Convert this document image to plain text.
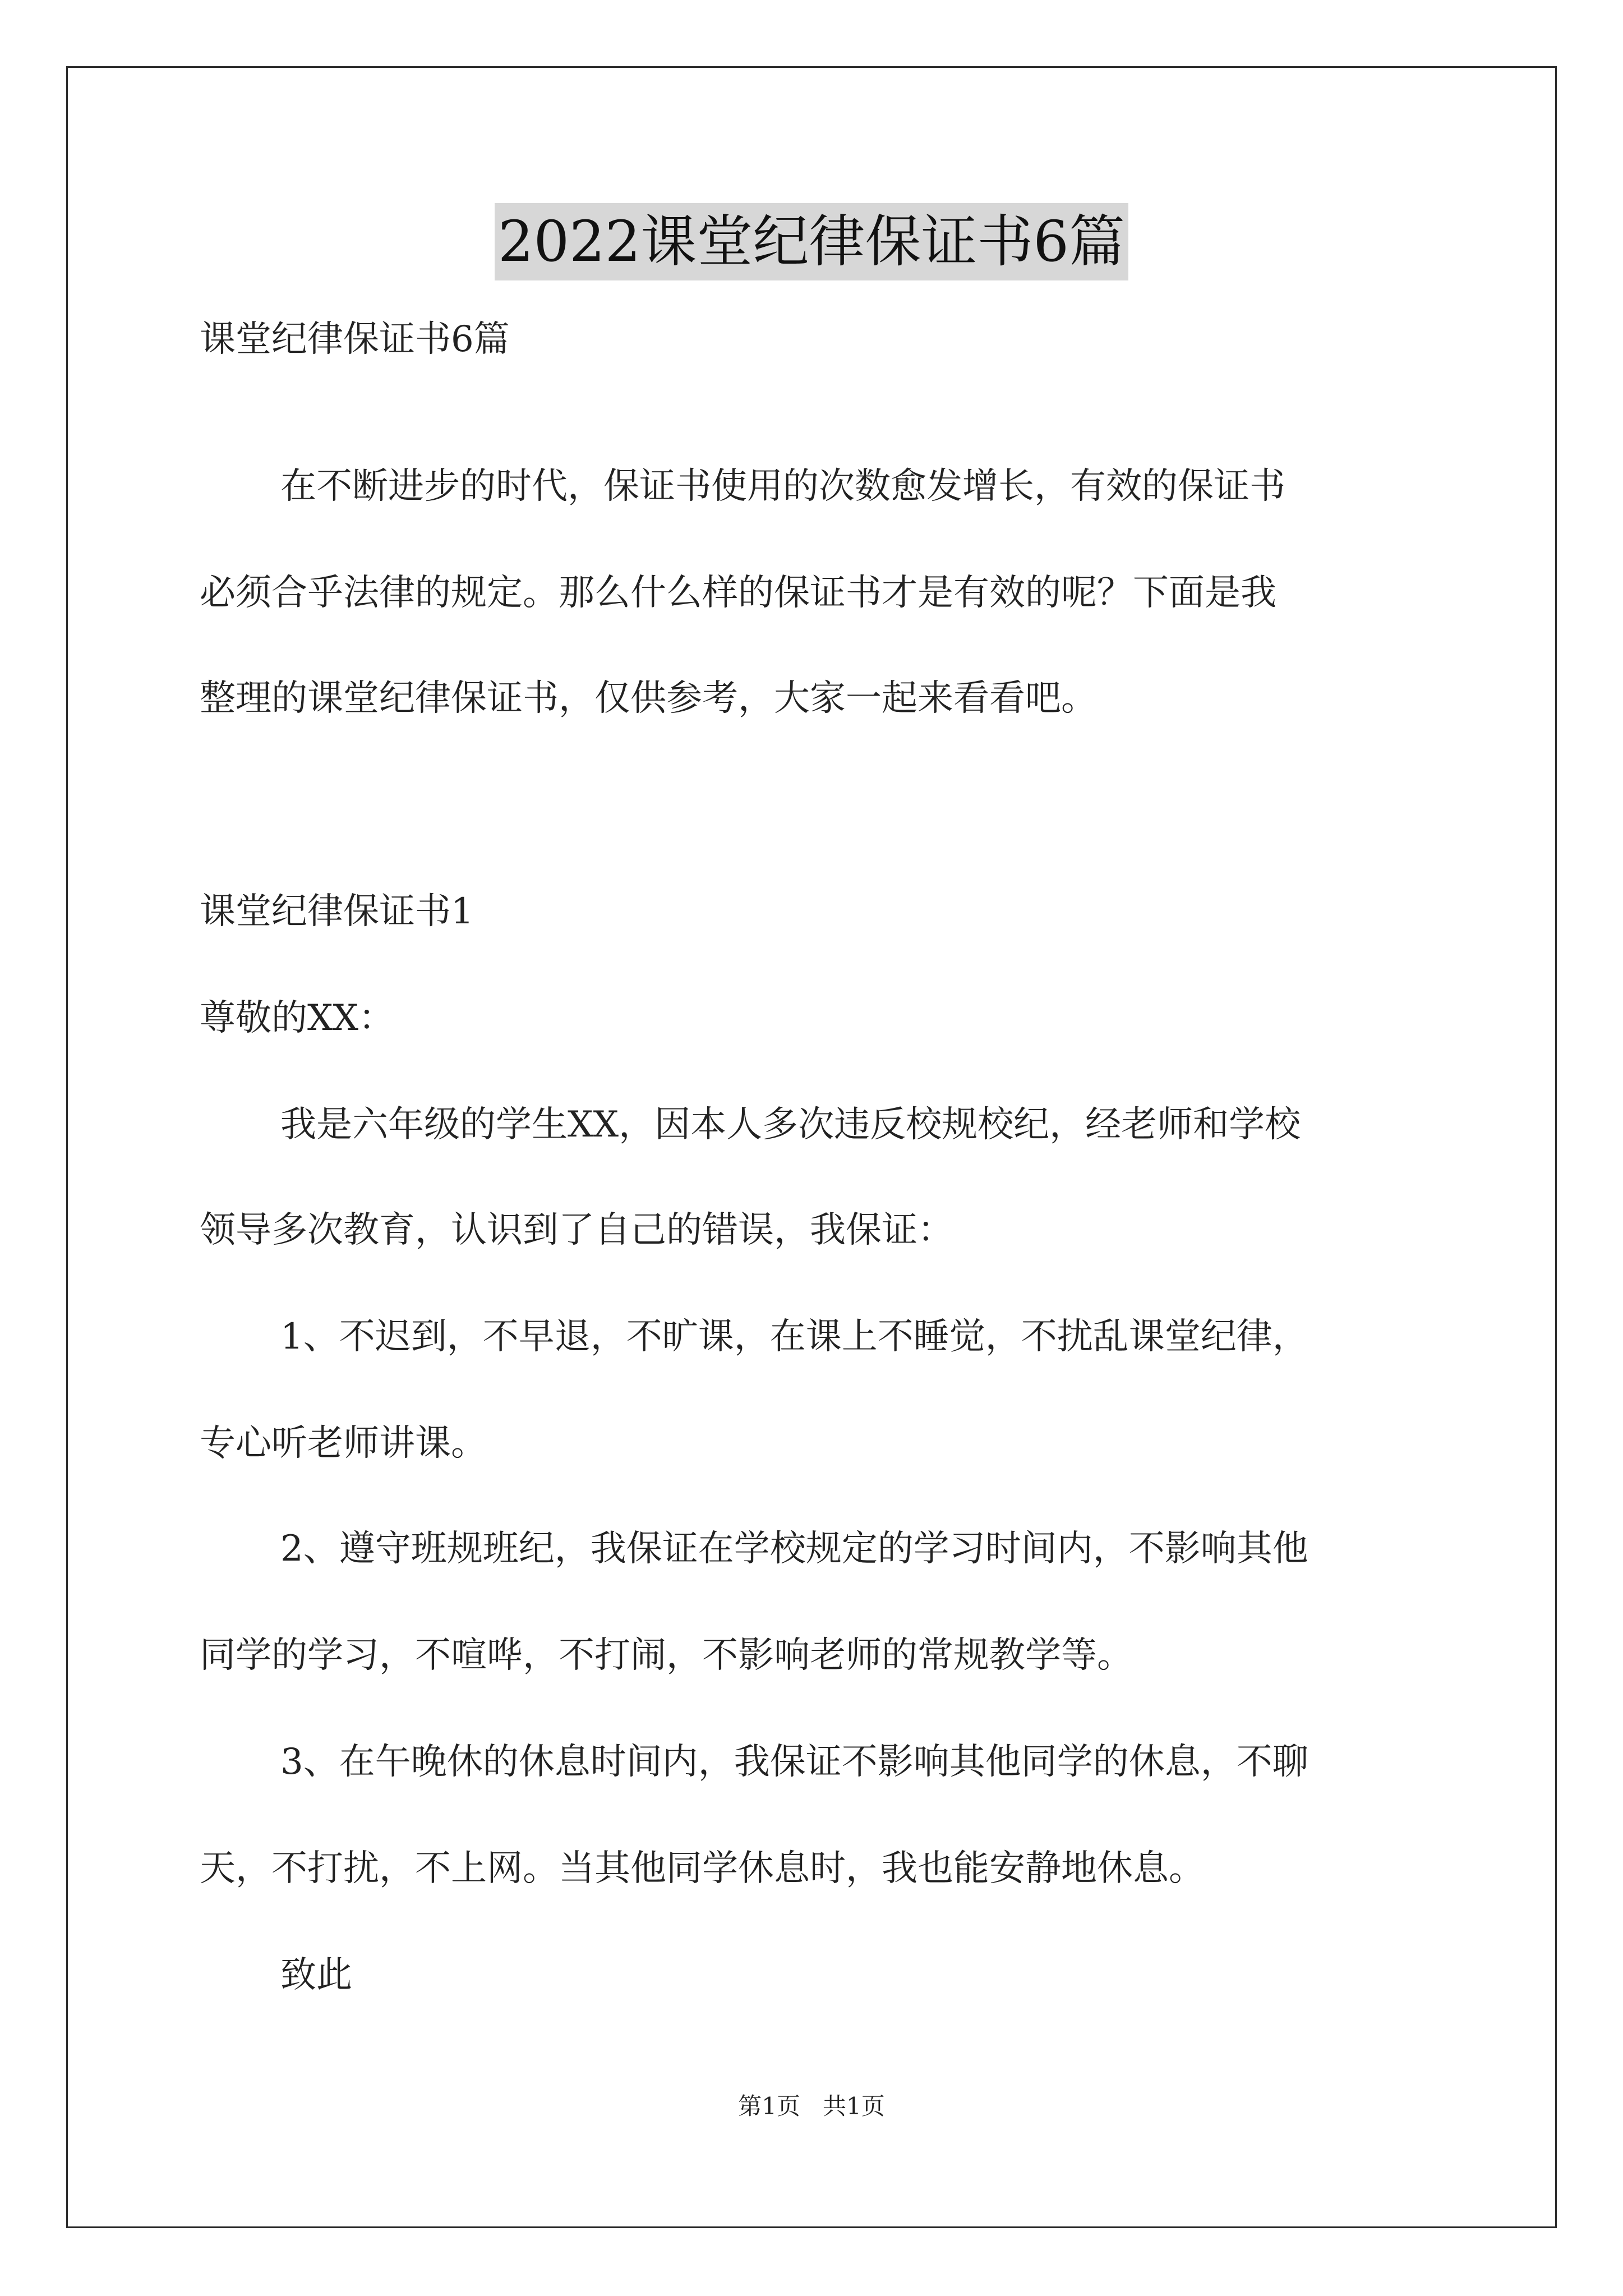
2022课堂纪律保证书6篇
课堂纪律保证书6篇
在不断进步的时代，保证书使用的次数愈发增长，有效的保证书
必须合乎法律的规定。那么什么样的保证书才是有效的呢？下面是我
整理的课堂纪律保证书，仅供参考，大家一起来看看吧。
课堂纪律保证书1
尊敬的XX：
我是六年级的学生XX，因本人多次违反校规校纪，经老师和学校
领导多次教育，认识到了自己的错误，我保证：
1、不迟到，不早退，不旷课，在课上不睡觉，不扰乱课堂纪律，
专心听老师讲课。
2、遵守班规班纪，我保证在学校规定的学习时间内，不影响其他
同学的学习，不喧哗，不打闹，不影响老师的常规教学等。
3、在午晚休的休息时间内，我保证不影响其他同学的休息，不聊
天，不打扰，不上网。当其他同学休息时，我也能安静地休息。
致此
第1页   共1页
